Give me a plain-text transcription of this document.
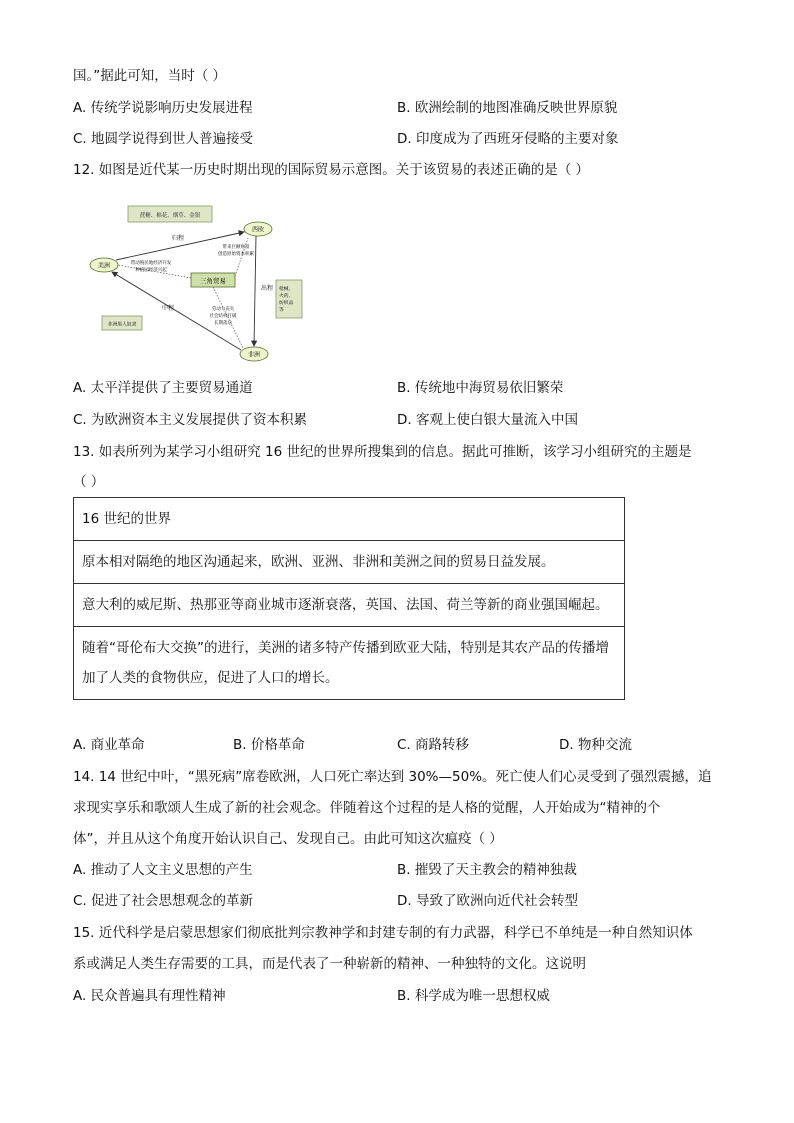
国。”据此可知，当时（ ）
A. 传统学说影响历史发展进程	B. 欧洲绘制的地图准确反映世界原貌
C. 地圆学说得到世人普遍接受	D. 印度成为了西班牙侵略的主要对象
12. 如图是近代某一历史时期出现的国际贸易示意图。关于该贸易的表述正确的是（ ）
蔗糖、棉花、烟草、金银
西欧
美洲
非洲
归程
出程
中程
三角贸易
带来巨额财富
创造原始资本积累
带动殖民地经济开发
种植园经济兴起
劳动力丧失
社会结构打破
长期落后
枪械、
火药、
纺织品
等
非洲黑人奴隶
A. 太平洋提供了主要贸易通道	B. 传统地中海贸易依旧繁荣
C. 为欧洲资本主义发展提供了资本积累	D. 客观上使白银大量流入中国
13. 如表所列为某学习小组研究 16 世纪的世界所搜集到的信息。据此可推断，该学习小组研究的主题是
（ ）
16 世纪的世界
原本相对隔绝的地区沟通起来，欧洲、亚洲、非洲和美洲之间的贸易日益发展。
意大利的威尼斯、热那亚等商业城市逐渐衰落，英国、法国、荷兰等新的商业强国崛起。
随着“哥伦布大交换”的进行，美洲的诸多特产传播到欧亚大陆，特别是其农产品的传播增加了人类的食物供应，促进了人口的增长。
A. 商业革命	B. 价格革命	C. 商路转移	D. 物种交流
14. 14 世纪中叶，“黑死病”席卷欧洲，人口死亡率达到 30%—50%。死亡使人们心灵受到了强烈震撼，追
求现实享乐和歌颂人生成了新的社会观念。伴随着这个过程的是人格的觉醒，人开始成为“精神的个
体”，并且从这个角度开始认识自己、发现自己。由此可知这次瘟疫（ ）
A. 推动了人文主义思想的产生	B. 摧毁了天主教会的精神独裁
C. 促进了社会思想观念的革新	D. 导致了欧洲向近代社会转型
15. 近代科学是启蒙思想家们彻底批判宗教神学和封建专制的有力武器，科学已不单纯是一种自然知识体
系或满足人类生存需要的工具，而是代表了一种崭新的精神、一种独特的文化。这说明
A. 民众普遍具有理性精神	B. 科学成为唯一思想权威
